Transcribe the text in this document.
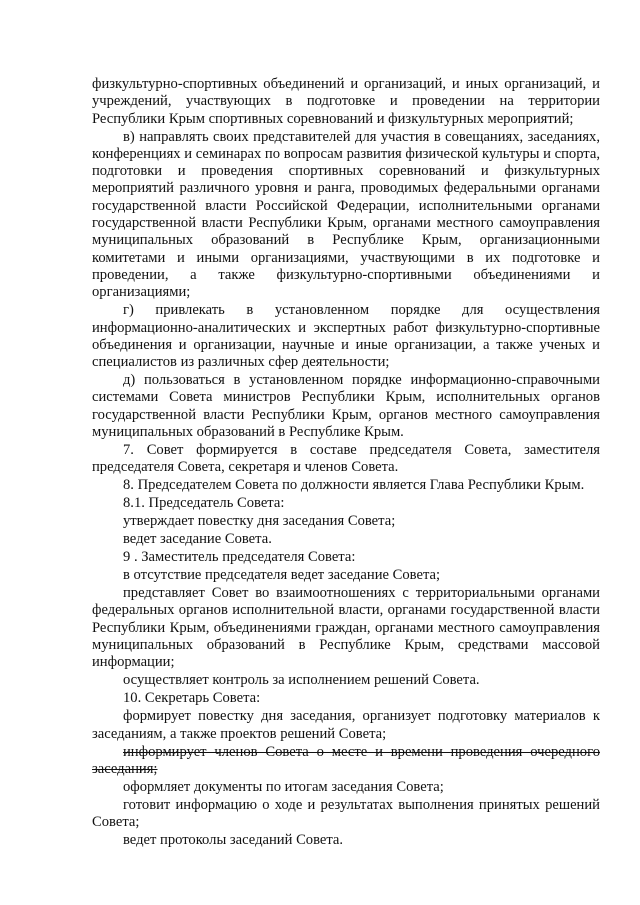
физкультурно-спортивных объединений и организаций, и иных организаций, и учреждений, участвующих в подготовке и проведении на территории Республики Крым спортивных соревнований и физкультурных мероприятий;

в) направлять своих представителей для участия в совещаниях, заседаниях, конференциях и семинарах по вопросам развития физической культуры и спорта, подготовки и проведения спортивных соревнований и физкультурных мероприятий различного уровня и ранга, проводимых федеральными органами государственной власти Российской Федерации, исполнительными органами государственной власти Республики Крым, органами местного самоуправления муниципальных образований в Республике Крым, организационными комитетами и иными организациями, участвующими в их подготовке и проведении, а также физкультурно-спортивными объединениями и организациями;

г) привлекать в установленном порядке для осуществления информационно-аналитических и экспертных работ физкультурно-спортивные объединения и организации, научные и иные организации, а также ученых и специалистов из различных сфер деятельности;

д) пользоваться в установленном порядке информационно-справочными системами Совета министров Республики Крым, исполнительных органов государственной власти Республики Крым, органов местного самоуправления муниципальных образований в Республике Крым.

7. Совет формируется в составе председателя Совета, заместителя председателя Совета, секретаря и членов Совета.

8. Председателем Совета по должности является Глава Республики Крым.

8.1. Председатель Совета:

утверждает повестку дня заседания Совета;

ведет заседание Совета.

9 . Заместитель председателя Совета:

в отсутствие председателя ведет заседание Совета;

представляет Совет во взаимоотношениях с территориальными органами федеральных органов исполнительной власти, органами государственной власти Республики Крым, объединениями граждан, органами местного самоуправления муниципальных образований в Республике Крым, средствами массовой информации;

осуществляет контроль за исполнением решений Совета.

10. Секретарь Совета:

формирует повестку дня заседания, организует подготовку материалов к заседаниям, а также проектов решений Совета;

информирует членов Совета о месте и времени проведения очередного заседания;

оформляет документы по итогам заседания Совета;

готовит информацию о ходе и результатах выполнения принятых решений Совета;

ведет протоколы заседаний Совета.
